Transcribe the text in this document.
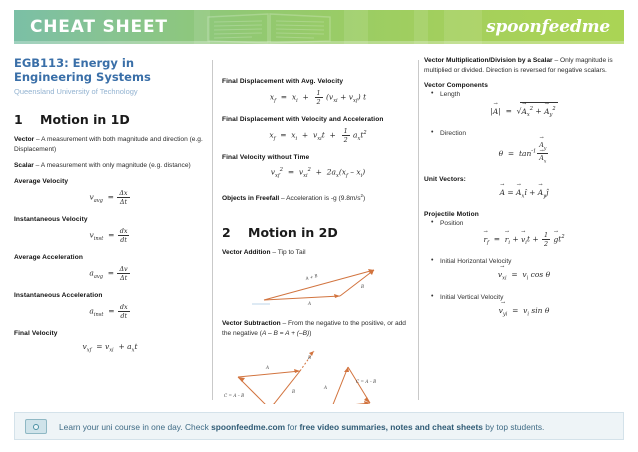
CHEAT SHEET	spoonfeedme
EGB113: Energy in Engineering Systems
Queensland University of Technology
1	Motion in 1D
Vector – A measurement with both magnitude and direction (e.g. Displacement)
Scalar – A measurement with only magnitude (e.g. distance)
Average Velocity
$v_{avg} = \frac{\Delta x}{\Delta t}$
Instantaneous Velocity
$v_{inst} = \frac{dx}{dt}$
Average Acceleration
$a_{avg} = \frac{\Delta v}{\Delta t}$
Instantaneous Acceleration
$a_{inst} = \frac{dx}{dt}$
Final Velocity
$v_{xf} = v_{xi} + a_xt$
Final Displacement with Avg. Velocity
$x_f = x_i + \frac{1}{2} (v_{xi} + v_{xf})$ t
Final Displacement with Velocity and Acceleration
$x_f = x_i + v_{xi}t + \frac{1}{2} a_xt^2$
Final Velocity without Time
$v_{xf}^2 = v_{xi}^2 + 2a_x(x_f - x_i)$
Objects in Freefall – Acceleration is -g $(9.8m/s^2)$
2	Motion in 2D
Vector Addition – Tip to Tail
A
B
A + B
Vector Subtraction – From the negative to the positive, or add the negative (A – B = A + (–B))
A
B
C = A – B
B
A
C = A – B
Vector Multiplication/Division by a Scalar – Only magnitude is multiplied or divided. Direction is reversed for negative scalars.
Vector Components
• Length
|A →|  =  $√A \to_x^2 + A \to_y^2$
• Direction
$\theta = \tan^{-1} \frac{A \to_y}{A \to_x}$
Unit Vectors:
A → = $A \to_xî + A$ $\to_yĵ$
Projectile Motion
• Position
$r \to_f = r \to_i + v \to_it + \frac{1}{2}$ $g \to t^2$
• Initial Horizontal Velocity
$v_{xi}$ →  =  $v_i$ cos θ
• Initial Vertical Velocity
$v_{yi}$ →  =  $v_i$ sin θ
Learn your uni course in one day. Check spoonfeedme.com for free video summaries, notes and cheat sheets by top students.
